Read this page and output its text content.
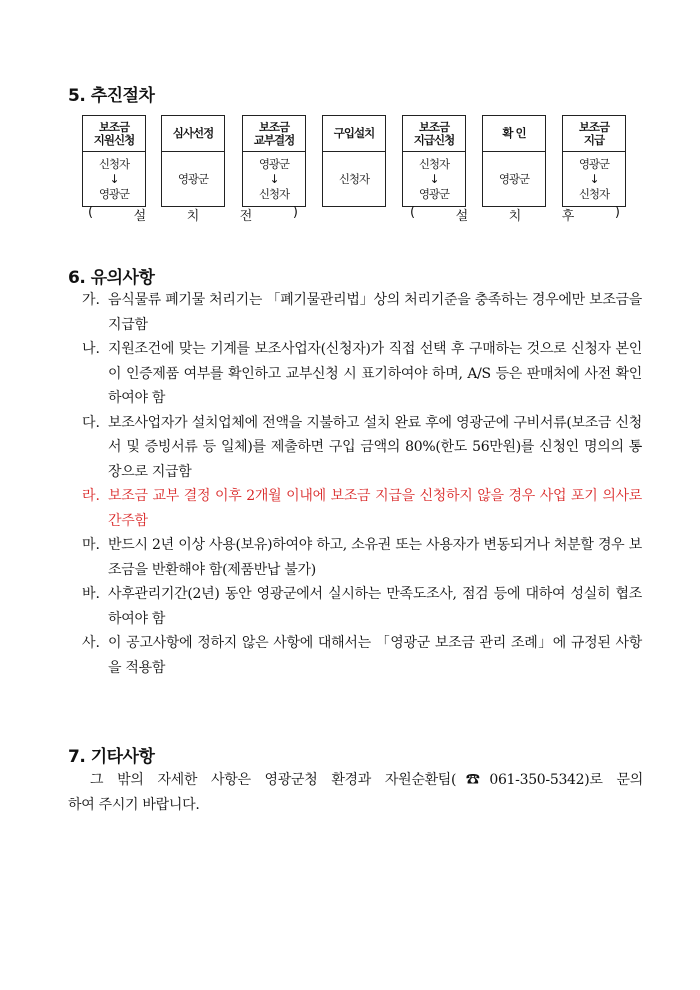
5. 추진절차
보조금
지원신청
신청자
↓
영광군
심사선정
영광군
보조금
교부결정
영광군
↓
신청자
구입설치
신청자
보조금
지급신청
신청자
↓
영광군
확 인
영광군
보조금
지급
영광군
↓
신청자
(	설	치	전	)	(	설	치	후	)
6. 유의사항
가. 음식물류 폐기물 처리기는 「폐기물관리법」상의 처리기준을 충족하는 경우에만 보조금을 지급함
나. 지원조건에 맞는 기계를 보조사업자(신청자)가 직접 선택 후 구매하는 것으로 신청자 본인이 인증제품 여부를 확인하고 교부신청 시 표기하여야 하며, A/S 등은 판매처에 사전 확인하여야 함
다. 보조사업자가 설치업체에 전액을 지불하고 설치 완료 후에 영광군에 구비서류(보조금 신청서 및 증빙서류 등 일체)를 제출하면 구입 금액의 80%(한도 56만원)를 신청인 명의의 통장으로 지급함
라. 보조금 교부 결정 이후 2개월 이내에 보조금 지급을 신청하지 않을 경우 사업 포기 의사로 간주함
마. 반드시 2년 이상 사용(보유)하여야 하고, 소유권 또는 사용자가 변동되거나 처분할 경우 보조금을 반환해야 함(제품반납 불가)
바. 사후관리기간(2년) 동안 영광군에서 실시하는 만족도조사, 점검 등에 대하여 성실히 협조하여야 함
사. 이 공고사항에 정하지 않은 사항에 대해서는 「영광군 보조금 관리 조례」에 규정된 사항을 적용함
7. 기타사항
그 밖의 자세한 사항은 영광군청 환경과 자원순환팀(☎061-350-5342)로 문의
하여 주시기 바랍니다.
